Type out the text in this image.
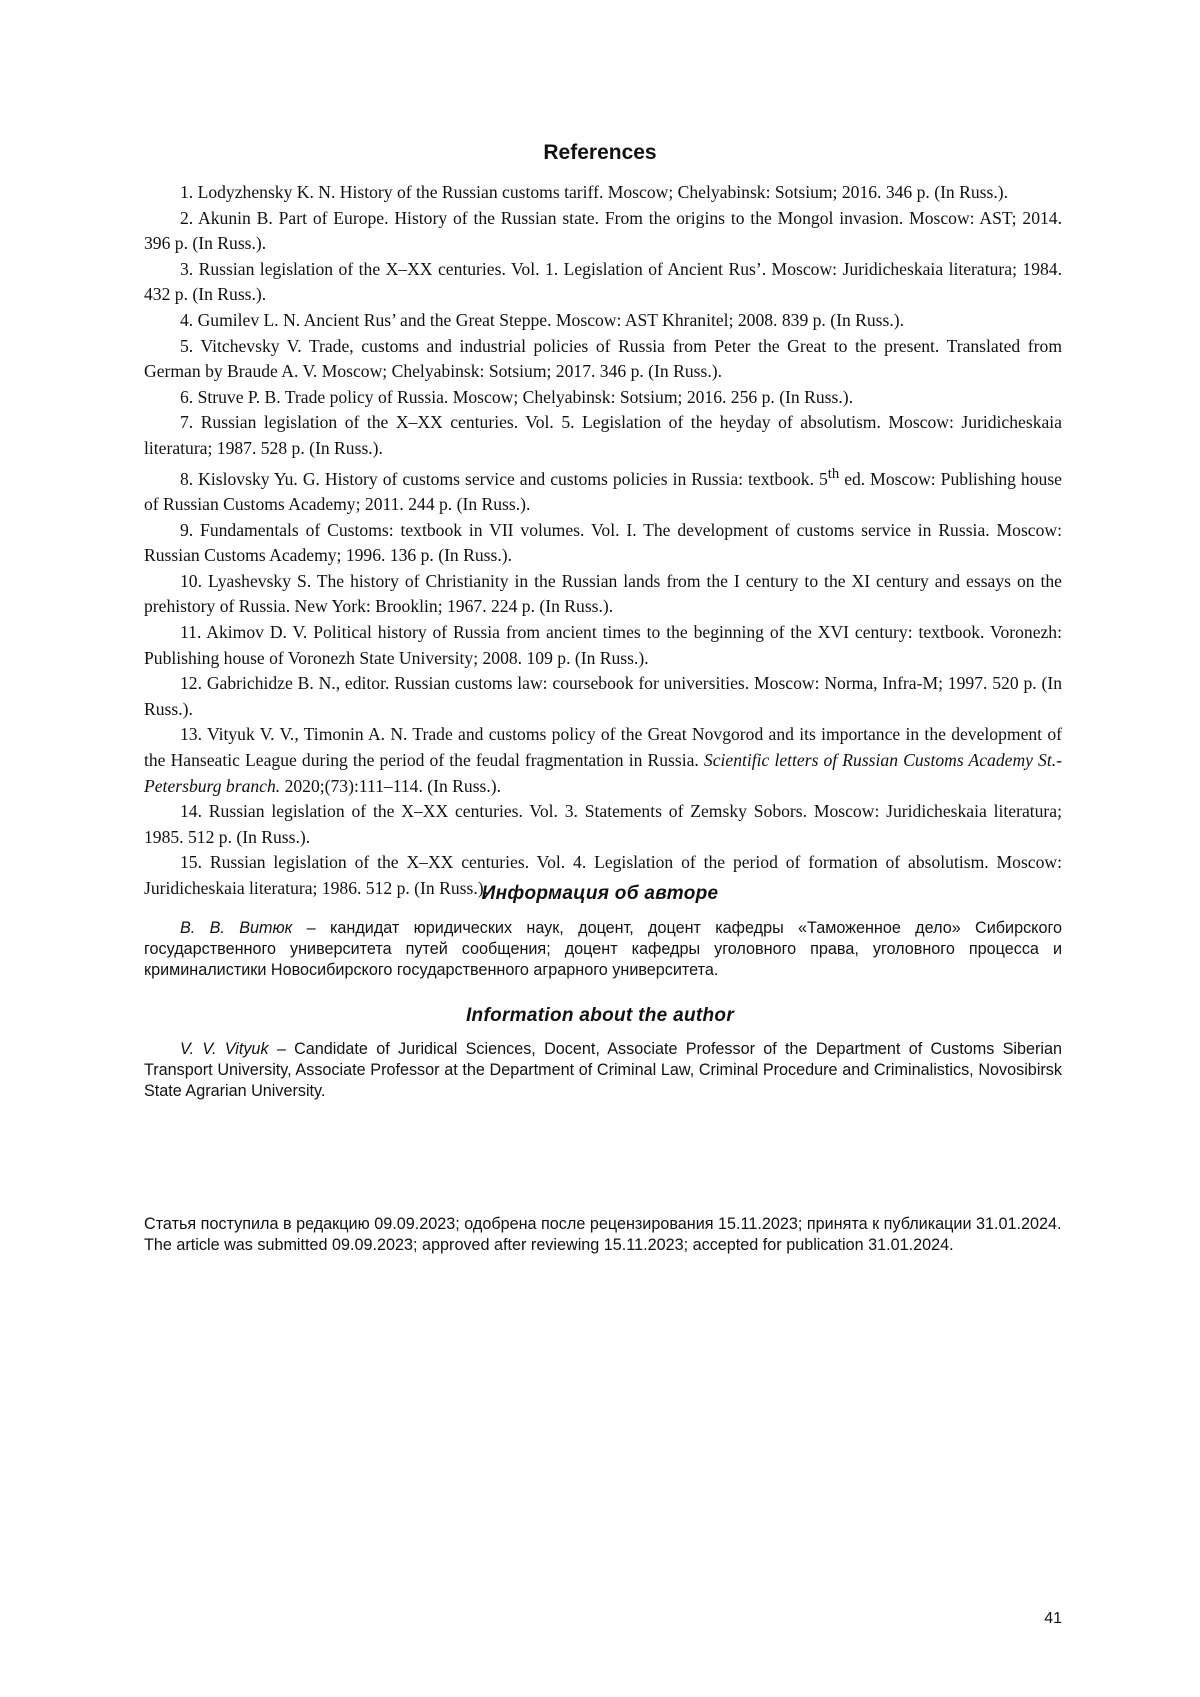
References

1. Lodyzhensky K. N. History of the Russian customs tariff. Moscow; Chelyabinsk: Sotsium; 2016. 346 p. (In Russ.).

2. Akunin B. Part of Europe. History of the Russian state. From the origins to the Mongol invasion. Moscow: AST; 2014. 396 p. (In Russ.).

3. Russian legislation of the X–XX centuries. Vol. 1. Legislation of Ancient Rus’. Moscow: Juridicheskaia literatura; 1984. 432 p. (In Russ.).

4. Gumilev L. N. Ancient Rus’ and the Great Steppe. Moscow: AST Khranitel; 2008. 839 p. (In Russ.).

5. Vitchevsky V. Trade, customs and industrial policies of Russia from Peter the Great to the present. Translated from German by Braude A. V. Moscow; Chelyabinsk: Sotsium; 2017. 346 p. (In Russ.).

6. Struve P. B. Trade policy of Russia. Moscow; Chelyabinsk: Sotsium; 2016. 256 p. (In Russ.).

7. Russian legislation of the X–XX centuries. Vol. 5. Legislation of the heyday of absolutism. Moscow: Juridicheskaia literatura; 1987. 528 p. (In Russ.).

8. Kislovsky Yu. G. History of customs service and customs policies in Russia: textbook. 5th ed. Moscow: Publishing house of Russian Customs Academy; 2011. 244 p. (In Russ.).

9. Fundamentals of Customs: textbook in VII volumes. Vol. I. The development of customs service in Russia. Moscow: Russian Customs Academy; 1996. 136 p. (In Russ.).

10. Lyashevsky S. The history of Christianity in the Russian lands from the I century to the XI century and essays on the prehistory of Russia. New York: Brooklin; 1967. 224 p. (In Russ.).

11. Akimov D. V. Political history of Russia from ancient times to the beginning of the XVI century: textbook. Voronezh: Publishing house of Voronezh State University; 2008. 109 p. (In Russ.).

12. Gabrichidze B. N., editor. Russian customs law: coursebook for universities. Moscow: Norma, Infra-M; 1997. 520 p. (In Russ.).

13. Vityuk V. V., Timonin A. N. Trade and customs policy of the Great Novgorod and its importance in the development of the Hanseatic League during the period of the feudal fragmentation in Russia. Scientific letters of Russian Customs Academy St.-Petersburg branch. 2020;(73):111–114. (In Russ.).

14. Russian legislation of the X–XX centuries. Vol. 3. Statements of Zemsky Sobors. Moscow: Juridicheskaia literatura; 1985. 512 p. (In Russ.).

15. Russian legislation of the X–XX centuries. Vol. 4. Legislation of the period of formation of absolutism. Moscow: Juridicheskaia literatura; 1986. 512 p. (In Russ.).

Информация об авторе

В. В. Витюк – кандидат юридических наук, доцент, доцент кафедры «Таможенное дело» Сибирского государственного университета путей сообщения; доцент кафедры уголовного права, уголовного процесса и криминалистики Новосибирского государственного аграрного университета.

Information about the author

V. V. Vityuk – Candidate of Juridical Sciences, Docent, Associate Professor of the Department of Customs Siberian Transport University, Associate Professor at the Department of Criminal Law, Criminal Procedure and Criminalistics, Novosibirsk State Agrarian University.

Статья поступила в редакцию 09.09.2023; одобрена после рецензирования 15.11.2023; принята к публикации 31.01.2024.

The article was submitted 09.09.2023; approved after reviewing 15.11.2023; accepted for publication 31.01.2024.

41
